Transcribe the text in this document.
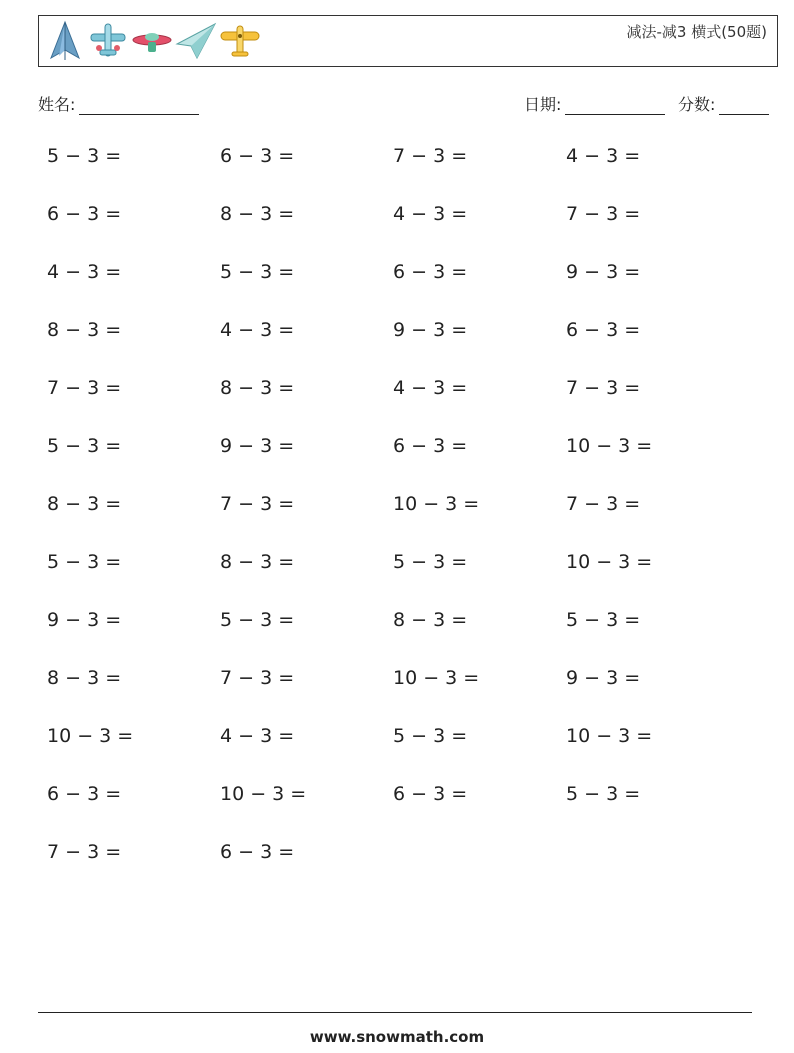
减法-减3 横式(50题)
姓名:	日期:	分数:
5 − 3 =	6 − 3 =	7 − 3 =	4 − 3 =
6 − 3 =	8 − 3 =	4 − 3 =	7 − 3 =
4 − 3 =	5 − 3 =	6 − 3 =	9 − 3 =
8 − 3 =	4 − 3 =	9 − 3 =	6 − 3 =
7 − 3 =	8 − 3 =	4 − 3 =	7 − 3 =
5 − 3 =	9 − 3 =	6 − 3 =	10 − 3 =
8 − 3 =	7 − 3 =	10 − 3 =	7 − 3 =
5 − 3 =	8 − 3 =	5 − 3 =	10 − 3 =
9 − 3 =	5 − 3 =	8 − 3 =	5 − 3 =
8 − 3 =	7 − 3 =	10 − 3 =	9 − 3 =
10 − 3 =	4 − 3 =	5 − 3 =	10 − 3 =
6 − 3 =	10 − 3 =	6 − 3 =	5 − 3 =
7 − 3 =	6 − 3 =
www.snowmath.com
